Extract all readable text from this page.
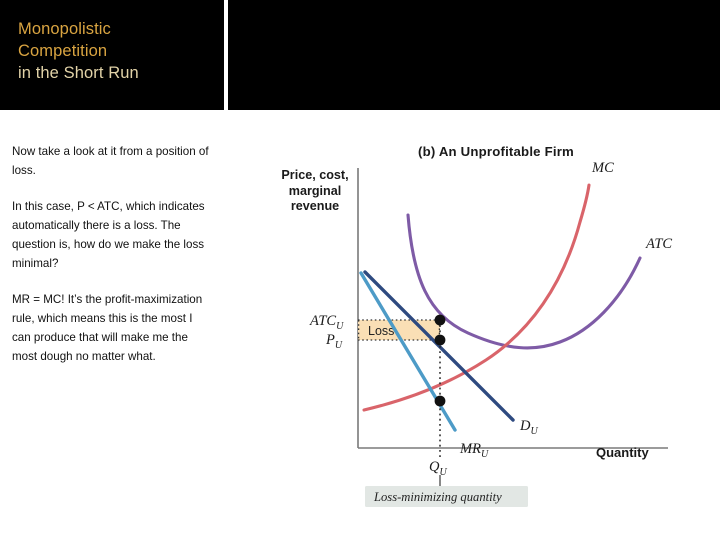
Monopolistic
Competition
in the Short Run

Now take a look at it from a position of loss.

In this case, P < ATC, which indicates automatically there is a loss. The question is, how do we make the loss minimal?

MR = MC! It’s the profit-maximization rule, which means this is the most I can produce that will make me the most dough no matter what.

(b) An Unprofitable Firm
Price, cost, marginal revenue
Loss
MC
ATC
$D_U$
$MR_U$
$ATC_U$
$P_U$
$Q_U$
Quantity
Loss-minimizing quantity
